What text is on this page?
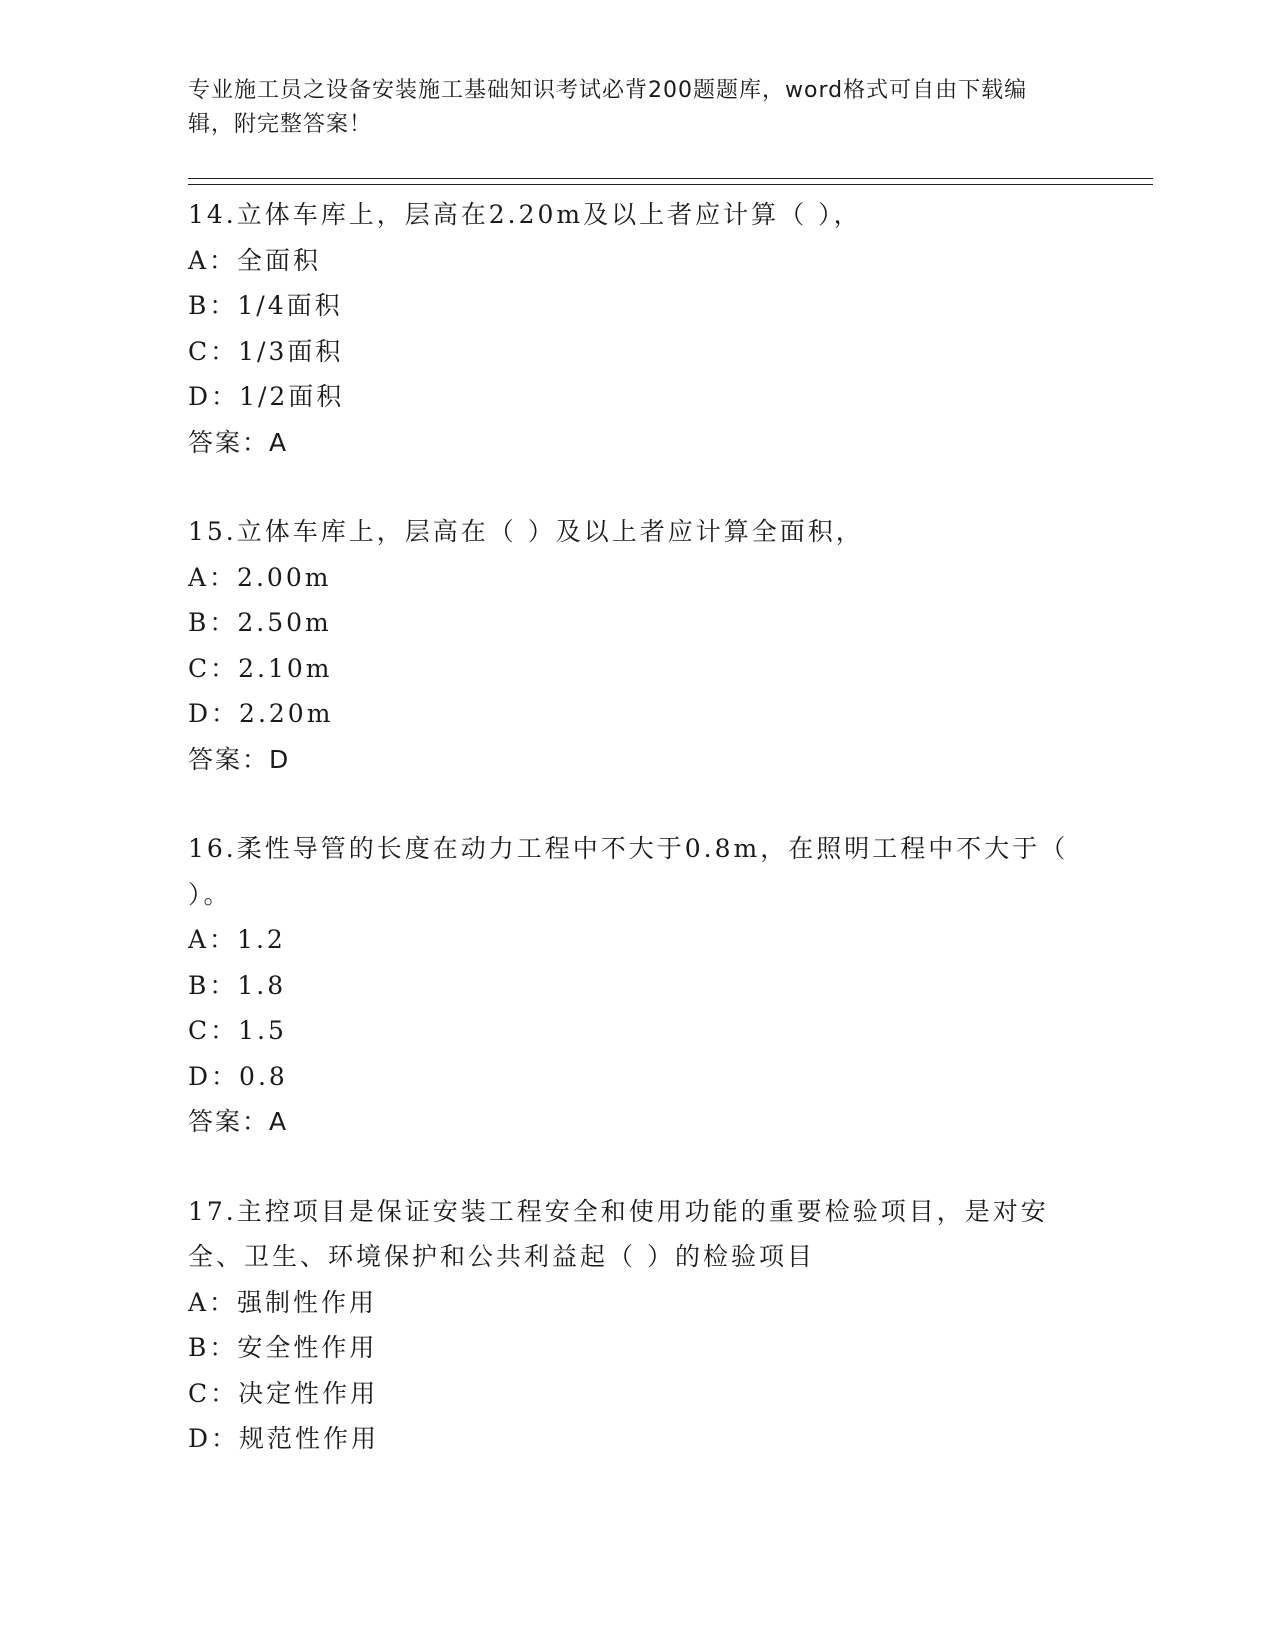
专业施工员之设备安装施工基础知识考试必背200题题库，word格式可自由下载编辑，附完整答案！
14.立体车库上，层高在2.20m及以上者应计算（ ），
A：全面积
B：1/4面积
C：1/3面积
D：1/2面积
答案：A
15.立体车库上，层高在（ ）及以上者应计算全面积，
A：2.00m
B：2.50m
C：2.10m
D：2.20m
答案：D
16.柔性导管的长度在动力工程中不大于0.8m，在照明工程中不大于（ ）。
A：1.2
B：1.8
C：1.5
D：0.8
答案：A
17.主控项目是保证安装工程安全和使用功能的重要检验项目，是对安全、卫生、环境保护和公共利益起（ ）的检验项目
A：强制性作用
B：安全性作用
C：决定性作用
D：规范性作用
